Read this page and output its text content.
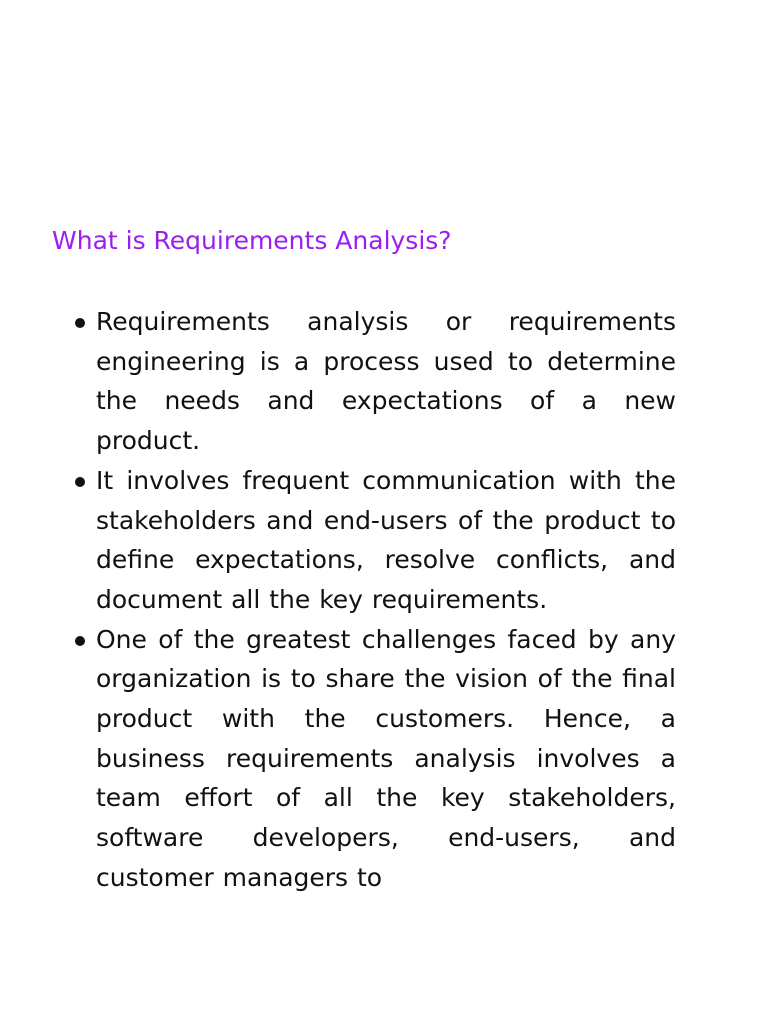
What is Requirements Analysis?
Requirements analysis or requirements engineering is a process used to determine the needs and expectations of a new product.
It involves frequent communication with the stakeholders and end-users of the product to define expectations, resolve conflicts, and document all the key requirements.
One of the greatest challenges faced by any organization is to share the vision of the final product with the customers. Hence, a business requirements analysis involves a team effort of all the key stakeholders, software developers, end-users, and customer managers to
